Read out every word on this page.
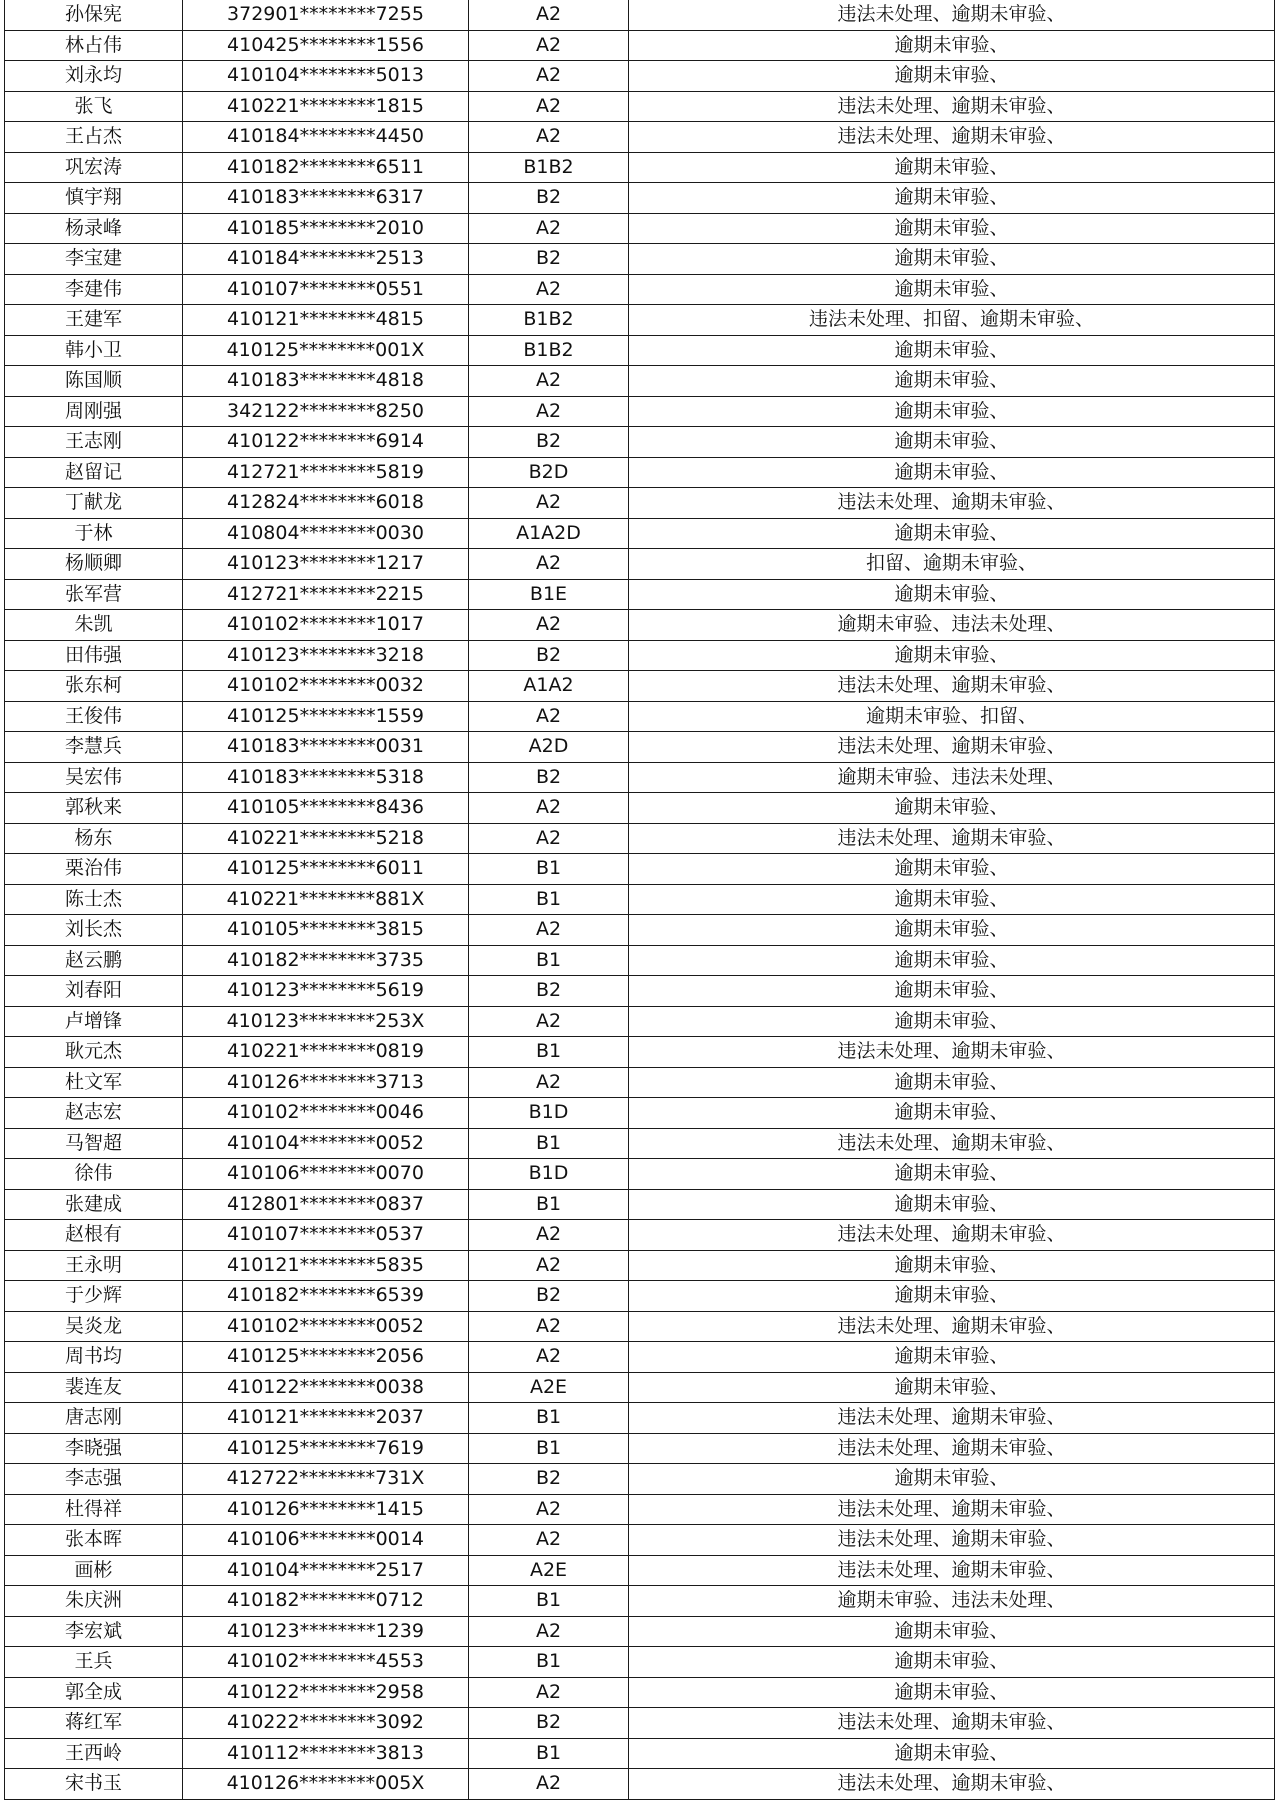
孙保宪	372901********7255	A2	违法未处理、逾期未审验、
林占伟	410425********1556	A2	逾期未审验、
刘永均	410104********5013	A2	逾期未审验、
张飞	410221********1815	A2	违法未处理、逾期未审验、
王占杰	410184********4450	A2	违法未处理、逾期未审验、
巩宏涛	410182********6511	B1B2	逾期未审验、
慎宇翔	410183********6317	B2	逾期未审验、
杨录峰	410185********2010	A2	逾期未审验、
李宝建	410184********2513	B2	逾期未审验、
李建伟	410107********0551	A2	逾期未审验、
王建军	410121********4815	B1B2	违法未处理、扣留、逾期未审验、
韩小卫	410125********001X	B1B2	逾期未审验、
陈国顺	410183********4818	A2	逾期未审验、
周刚强	342122********8250	A2	逾期未审验、
王志刚	410122********6914	B2	逾期未审验、
赵留记	412721********5819	B2D	逾期未审验、
丁献龙	412824********6018	A2	违法未处理、逾期未审验、
于林	410804********0030	A1A2D	逾期未审验、
杨顺卿	410123********1217	A2	扣留、逾期未审验、
张军营	412721********2215	B1E	逾期未审验、
朱凯	410102********1017	A2	逾期未审验、违法未处理、
田伟强	410123********3218	B2	逾期未审验、
张东柯	410102********0032	A1A2	违法未处理、逾期未审验、
王俊伟	410125********1559	A2	逾期未审验、扣留、
李慧兵	410183********0031	A2D	违法未处理、逾期未审验、
吴宏伟	410183********5318	B2	逾期未审验、违法未处理、
郭秋来	410105********8436	A2	逾期未审验、
杨东	410221********5218	A2	违法未处理、逾期未审验、
栗治伟	410125********6011	B1	逾期未审验、
陈士杰	410221********881X	B1	逾期未审验、
刘长杰	410105********3815	A2	逾期未审验、
赵云鹏	410182********3735	B1	逾期未审验、
刘春阳	410123********5619	B2	逾期未审验、
卢增锋	410123********253X	A2	逾期未审验、
耿元杰	410221********0819	B1	违法未处理、逾期未审验、
杜文军	410126********3713	A2	逾期未审验、
赵志宏	410102********0046	B1D	逾期未审验、
马智超	410104********0052	B1	违法未处理、逾期未审验、
徐伟	410106********0070	B1D	逾期未审验、
张建成	412801********0837	B1	逾期未审验、
赵根有	410107********0537	A2	违法未处理、逾期未审验、
王永明	410121********5835	A2	逾期未审验、
于少辉	410182********6539	B2	逾期未审验、
吴炎龙	410102********0052	A2	违法未处理、逾期未审验、
周书均	410125********2056	A2	逾期未审验、
裴连友	410122********0038	A2E	逾期未审验、
唐志刚	410121********2037	B1	违法未处理、逾期未审验、
李晓强	410125********7619	B1	违法未处理、逾期未审验、
李志强	412722********731X	B2	逾期未审验、
杜得祥	410126********1415	A2	违法未处理、逾期未审验、
张本晖	410106********0014	A2	违法未处理、逾期未审验、
画彬	410104********2517	A2E	违法未处理、逾期未审验、
朱庆洲	410182********0712	B1	逾期未审验、违法未处理、
李宏斌	410123********1239	A2	逾期未审验、
王兵	410102********4553	B1	逾期未审验、
郭全成	410122********2958	A2	逾期未审验、
蒋红军	410222********3092	B2	违法未处理、逾期未审验、
王西岭	410112********3813	B1	逾期未审验、
宋书玉	410126********005X	A2	违法未处理、逾期未审验、
